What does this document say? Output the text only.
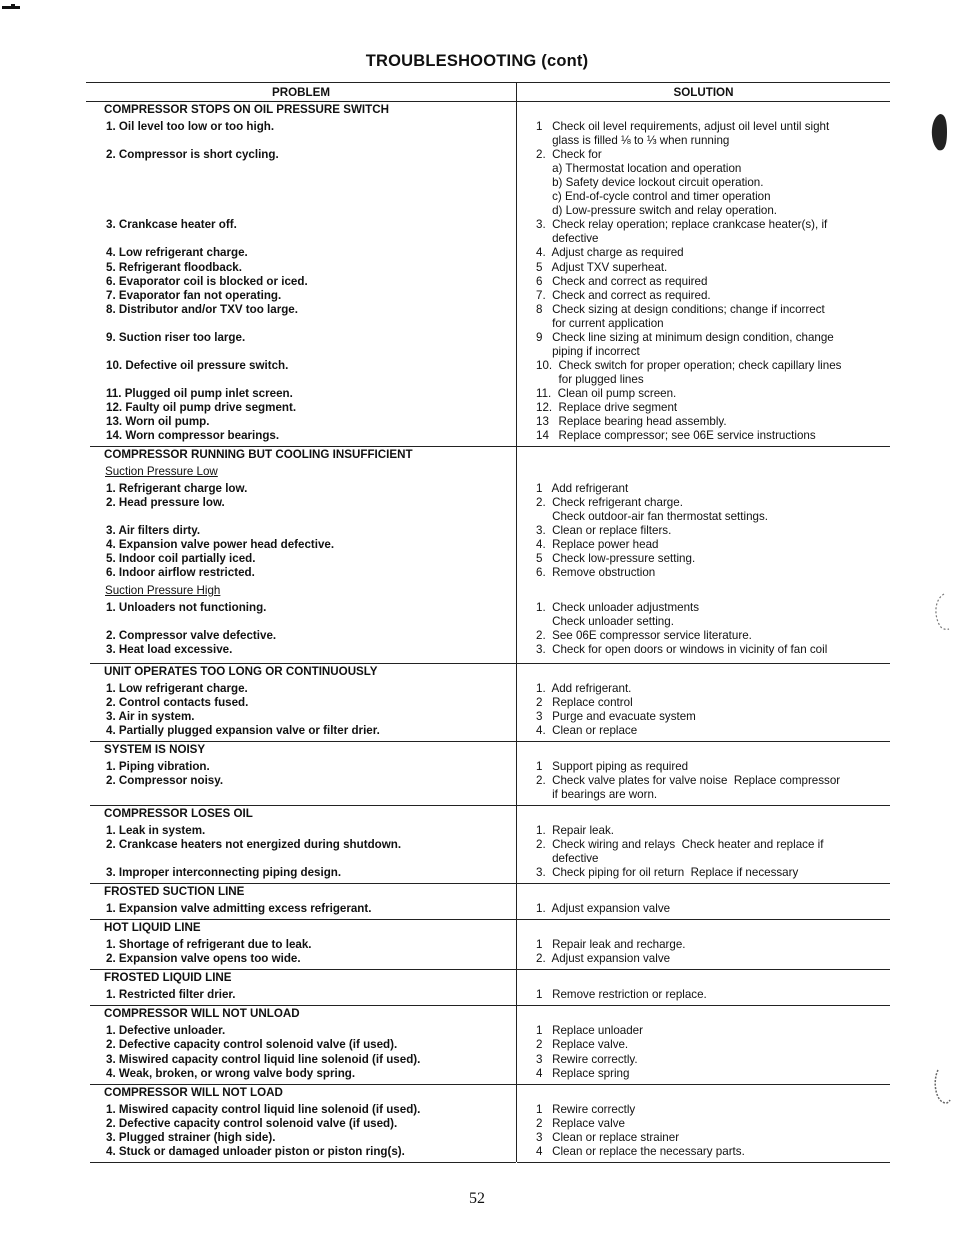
TROUBLESHOOTING (cont)
PROBLEM	SOLUTION
COMPRESSOR STOPS ON OIL PRESSURE SWITCH
1. Oil level too low or too high.	1   Check oil level requirements, adjust oil level until sight
glass is filled ⅛ to ⅓ when running
2. Compressor is short cycling.	2.  Check for
a) Thermostat location and operation
b) Safety device lockout circuit operation.
c) End-of-cycle control and timer operation
d) Low-pressure switch and relay operation.
3. Crankcase heater off.	3.  Check relay operation; replace crankcase heater(s), if
defective
4. Low refrigerant charge.	4.  Adjust charge as required
5. Refrigerant floodback.	5   Adjust TXV superheat.
6. Evaporator coil is blocked or iced.	6   Check and correct as required
7. Evaporator fan not operating.	7.  Check and correct as required.
8. Distributor and/or TXV too large.	8   Check sizing at design conditions; change if incorrect
for current application
9. Suction riser too large.	9   Check line sizing at minimum design condition, change
piping if incorrect
10. Defective oil pressure switch.	10.  Check switch for proper operation; check capillary lines
for plugged lines
11. Plugged oil pump inlet screen.	11.  Clean oil pump screen.
12. Faulty oil pump drive segment.	12.  Replace drive segment
13. Worn oil pump.	13   Replace bearing head assembly.
14. Worn compressor bearings.	14   Replace compressor; see 06E service instructions
COMPRESSOR RUNNING BUT COOLING INSUFFICIENT
Suction Pressure Low
1. Refrigerant charge low.	1   Add refrigerant
2. Head pressure low.	2.  Check refrigerant charge.
Check outdoor-air fan thermostat settings.
3. Air filters dirty.	3.  Clean or replace filters.
4. Expansion valve power head defective.	4.  Replace power head
5. Indoor coil partially iced.	5   Check low-pressure setting.
6. Indoor airflow restricted.	6.  Remove obstruction
Suction Pressure High
1. Unloaders not functioning.	1.  Check unloader adjustments
Check unloader setting.
2. Compressor valve defective.	2.  See 06E compressor service literature.
3. Heat load excessive.	3.  Check for open doors or windows in vicinity of fan coil
UNIT OPERATES TOO LONG OR CONTINUOUSLY
1. Low refrigerant charge.	1.  Add refrigerant.
2. Control contacts fused.	2   Replace control
3. Air in system.	3   Purge and evacuate system
4. Partially plugged expansion valve or filter drier.	4.  Clean or replace
SYSTEM IS NOISY
1. Piping vibration.	1   Support piping as required
2. Compressor noisy.	2.  Check valve plates for valve noise  Replace compressor
if bearings are worn.
COMPRESSOR LOSES OIL
1. Leak in system.	1.  Repair leak.
2. Crankcase heaters not energized during shutdown.	2.  Check wiring and relays  Check heater and replace if
defective
3. Improper interconnecting piping design.	3.  Check piping for oil return  Replace if necessary
FROSTED SUCTION LINE
1. Expansion valve admitting excess refrigerant.	1.  Adjust expansion valve
HOT LIQUID LINE
1. Shortage of refrigerant due to leak.	1   Repair leak and recharge.
2. Expansion valve opens too wide.	2.  Adjust expansion valve
FROSTED LIQUID LINE
1. Restricted filter drier.	1   Remove restriction or replace.
COMPRESSOR WILL NOT UNLOAD
1. Defective unloader.	1   Replace unloader
2. Defective capacity control solenoid valve (if used).	2   Replace valve.
3. Miswired capacity control liquid line solenoid (if used).	3   Rewire correctly.
4. Weak, broken, or wrong valve body spring.	4   Replace spring
COMPRESSOR WILL NOT LOAD
1. Miswired capacity control liquid line solenoid (if used).	1   Rewire correctly
2. Defective capacity control solenoid valve (if used).	2   Replace valve
3. Plugged strainer (high side).	3   Clean or replace strainer
4. Stuck or damaged unloader piston or piston ring(s).	4   Clean or replace the necessary parts.
52
